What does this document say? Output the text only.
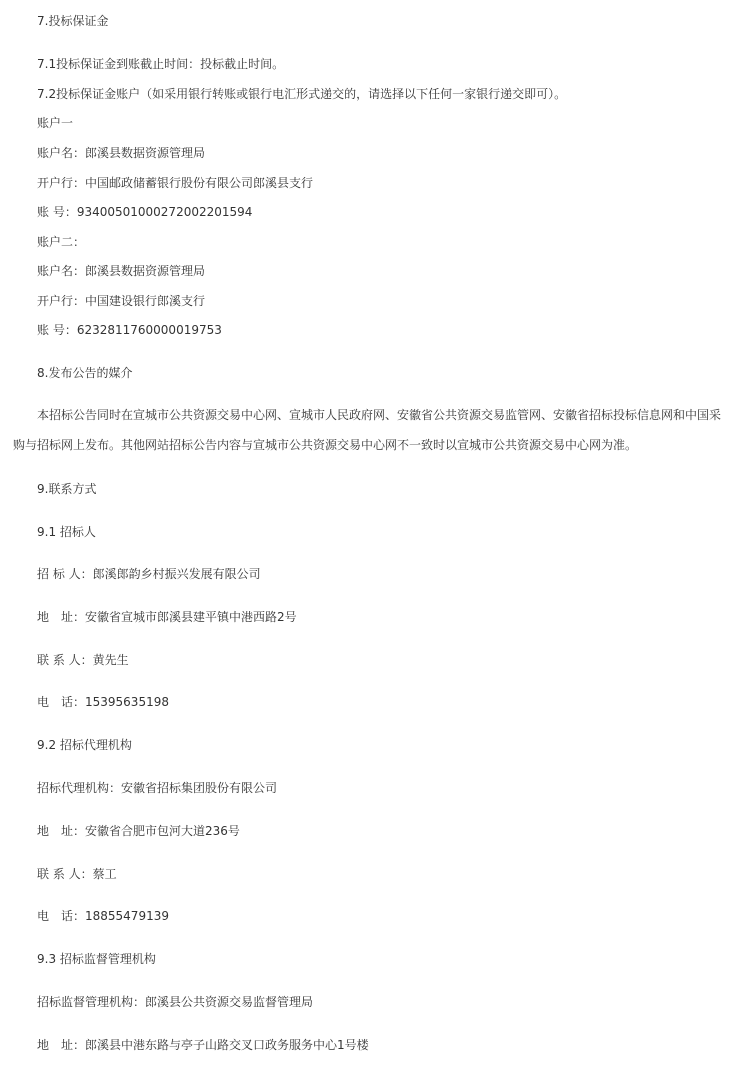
7.投标保证金
7.1投标保证金到账截止时间：投标截止时间。
7.2投标保证金账户（如采用银行转账或银行电汇形式递交的，请选择以下任何一家银行递交即可）。
账户一
账户名：郎溪县数据资源管理局
开户行：中国邮政储蓄银行股份有限公司郎溪县支行
账 号：93400501000272002201594
账户二：
账户名：郎溪县数据资源管理局
开户行：中国建设银行郎溪支行
账 号：6232811760000019753
8.发布公告的媒介
本招标公告同时在宣城市公共资源交易中心网、宣城市人民政府网、安徽省公共资源交易监管网、安徽省招标投标信息网和中国采购与招标网上发布。其他网站招标公告内容与宣城市公共资源交易中心网不一致时以宣城市公共资源交易中心网为准。
9.联系方式
9.1 招标人
招 标 人：郎溪郎韵乡村振兴发展有限公司
地　址：安徽省宣城市郎溪县建平镇中港西路2号
联 系 人：黄先生
电　话：15395635198
9.2 招标代理机构
招标代理机构：安徽省招标集团股份有限公司
地　址：安徽省合肥市包河大道236号
联 系 人：蔡工
电　话：18855479139
9.3 招标监督管理机构
招标监督管理机构：郎溪县公共资源交易监督管理局
地　址：郎溪县中港东路与亭子山路交叉口政务服务中心1号楼
